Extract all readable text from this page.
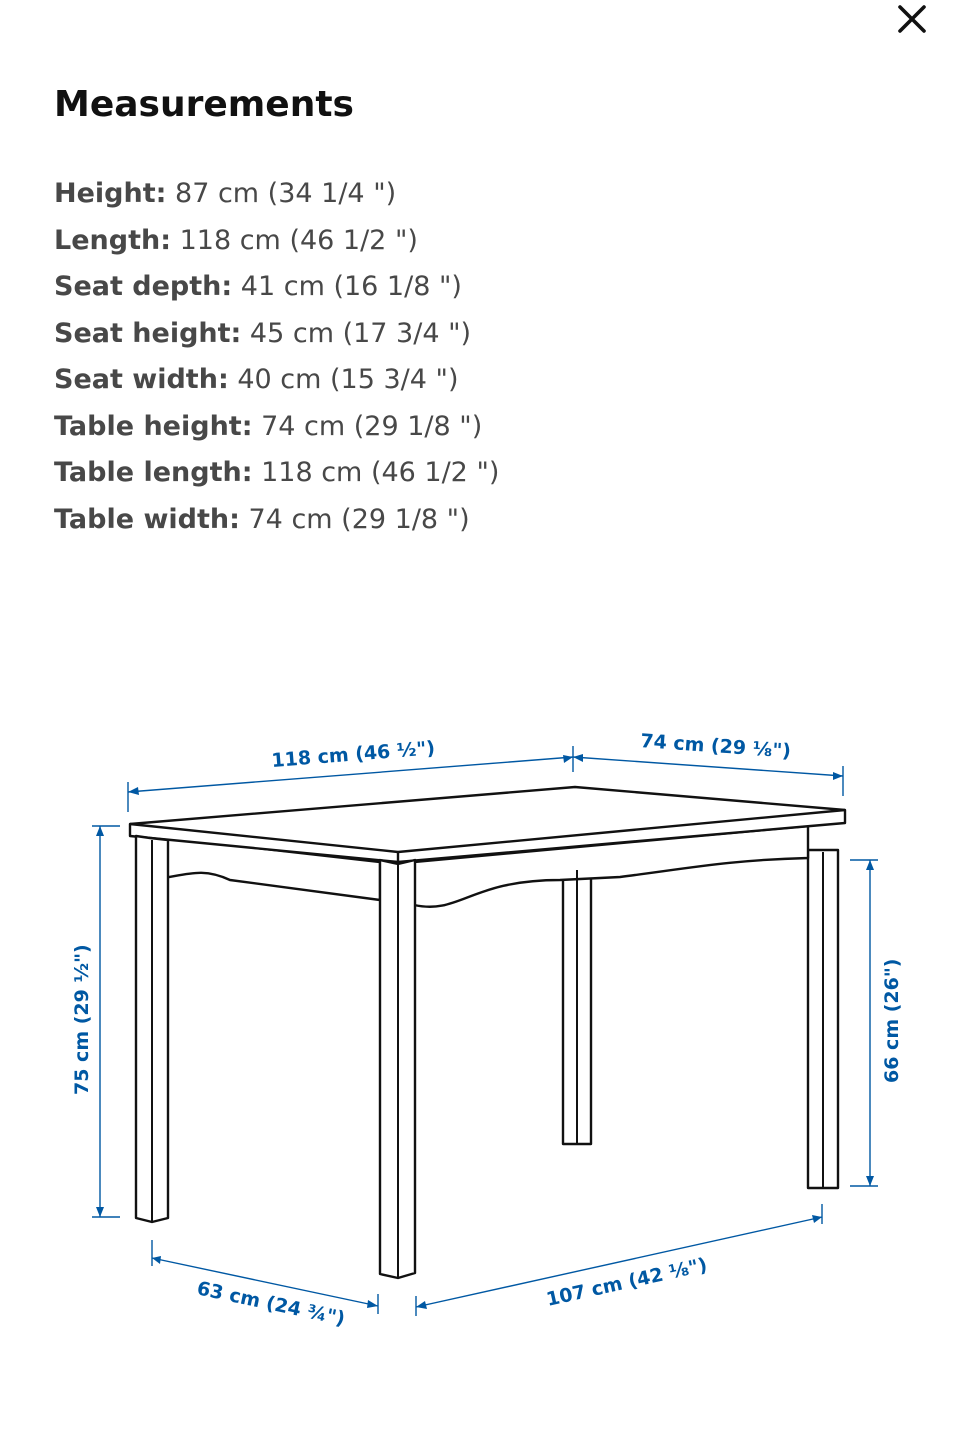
Measurements
Height: 87 cm (34 1/4 ")
Length: 118 cm (46 1/2 ")
Seat depth: 41 cm (16 1/8 ")
Seat height: 45 cm (17 3/4 ")
Seat width: 40 cm (15 3/4 ")
Table height: 74 cm (29 1/8 ")
Table length: 118 cm (46 1/2 ")
Table width: 74 cm (29 1/8 ")
118 cm (46 ½")	74 cm (29 ⅛")
75 cm (29 ½")	66 cm (26")
63 cm (24 ¾")	107 cm (42 ⅛")
